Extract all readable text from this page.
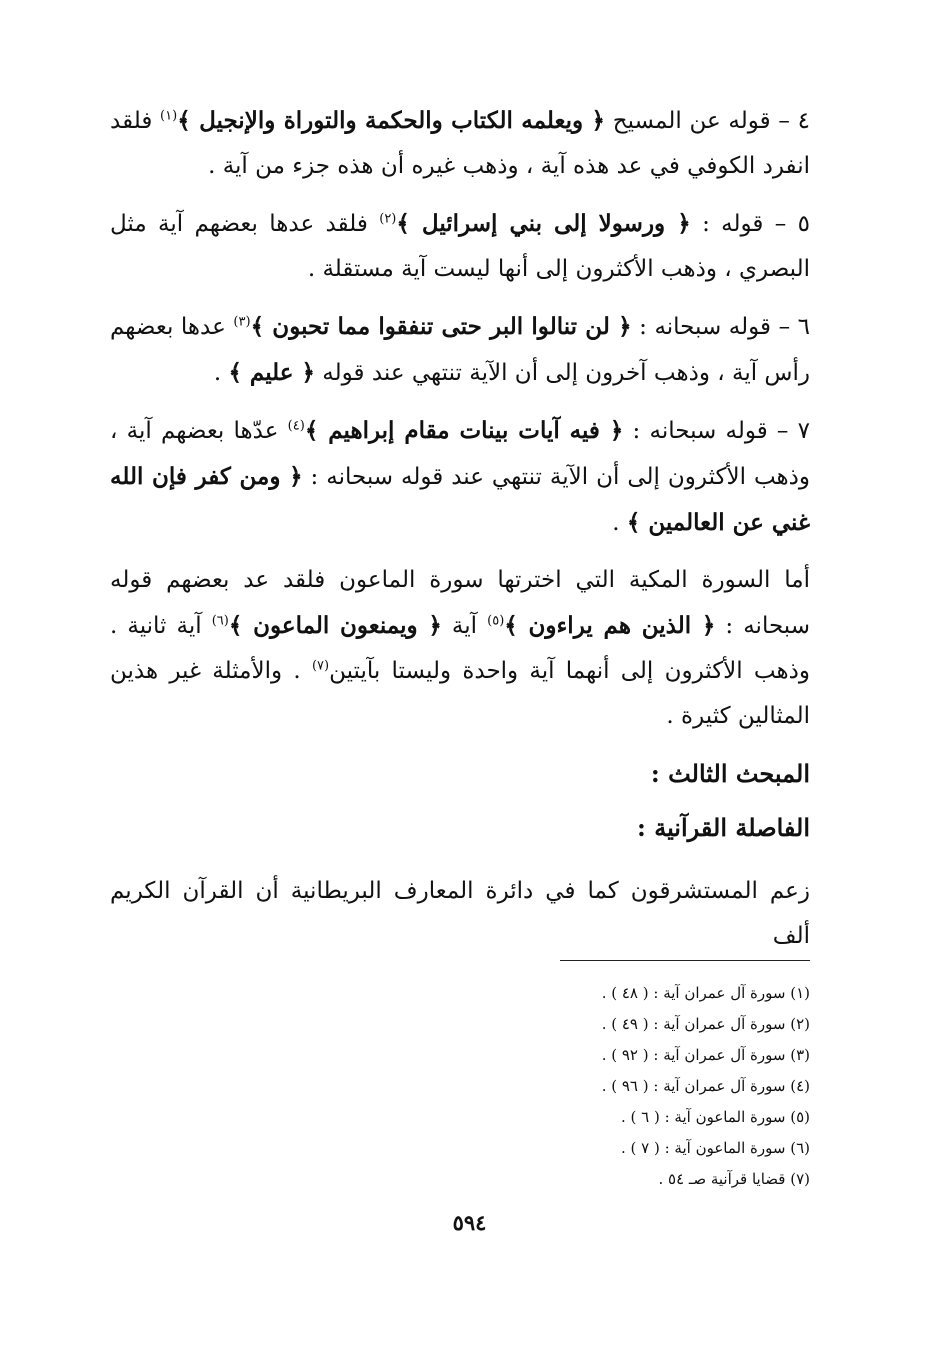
٤ – قوله عن المسيح ﴿ ويعلمه الكتاب والحكمة والتوراة والإنجيل ﴾$^{(١)}$ فلقد انفرد الكوفي في عد هذه آية ، وذهب غيره أن هذه جزء من آية .

٥ – قوله : ﴿ ورسولا إلى بني إسرائيل ﴾$^{(٢)}$ فلقد عدها بعضهم آية مثل البصري ، وذهب الأكثرون إلى أنها ليست آية مستقلة .

٦ – قوله سبحانه : ﴿ لن تنالوا البر حتى تنفقوا مما تحبون ﴾$^{(٣)}$ عدها بعضهم رأس آية ، وذهب آخرون إلى أن الآية تنتهي عند قوله ﴿ عليم ﴾ .

٧ – قوله سبحانه : ﴿ فيه آيات بينات مقام إبراهيم ﴾$^{(٤)}$ عدّها بعضهم آية ، وذهب الأكثرون إلى أن الآية تنتهي عند قوله سبحانه : ﴿ ومن كفر فإن الله غني عن العالمين ﴾ .

أما السورة المكية التي اخترتها سورة الماعون فلقد عد بعضهم قوله سبحانه : ﴿ الذين هم يراءون ﴾$^{(٥)}$ آية ﴿ ويمنعون الماعون ﴾$^{(٦)}$ آية ثانية . وذهب الأكثرون إلى أنهما آية واحدة وليستا بآيتين$^{(٧)}$ . والأمثلة غير هذين المثالين كثيرة .

المبحث الثالث :

الفاصلة القرآنية :

زعم المستشرقون كما في دائرة المعارف البريطانية أن القرآن الكريم ألف

(١) سورة آل عمران آية : ( ٤٨ ) .
(٢) سورة آل عمران آية : ( ٤٩ ) .
(٣) سورة آل عمران آية : ( ٩٢ ) .
(٤) سورة آل عمران آية : ( ٩٦ ) .
(٥) سورة الماعون آية : ( ٦ ) .
(٦) سورة الماعون آية : ( ٧ ) .
(٧) قضايا قرآنية صـ ٥٤ .
٥٩٤
